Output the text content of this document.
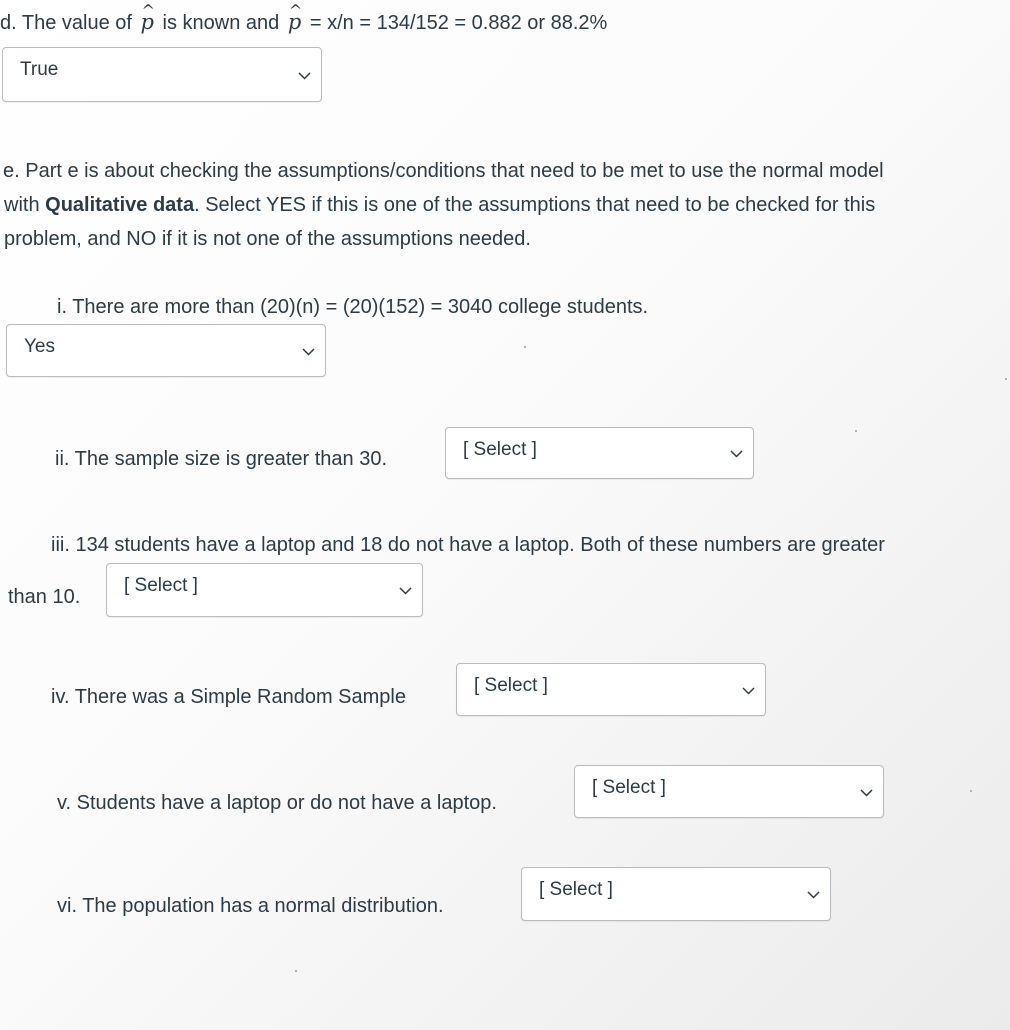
d. The value of ^ p is known and ^ p = x/n = 134/152 = 0.882 or 88.2%
True
e. Part e is about checking the assumptions/conditions that need to be met to use the normal model
with Qualitative data. Select YES if this is one of the assumptions that need to be checked for this
problem, and NO if it is not one of the assumptions needed.
i. There are more than (20)(n) = (20)(152) = 3040 college students.
Yes
ii. The sample size is greater than 30.	[ Select ]
iii. 134 students have a laptop and 18 do not have a laptop. Both of these numbers are greater
than 10.
[ Select ]
iv. There was a Simple Random Sample
[ Select ]
v. Students have a laptop or do not have a laptop.
[ Select ]
vi. The population has a normal distribution.
[ Select ]
